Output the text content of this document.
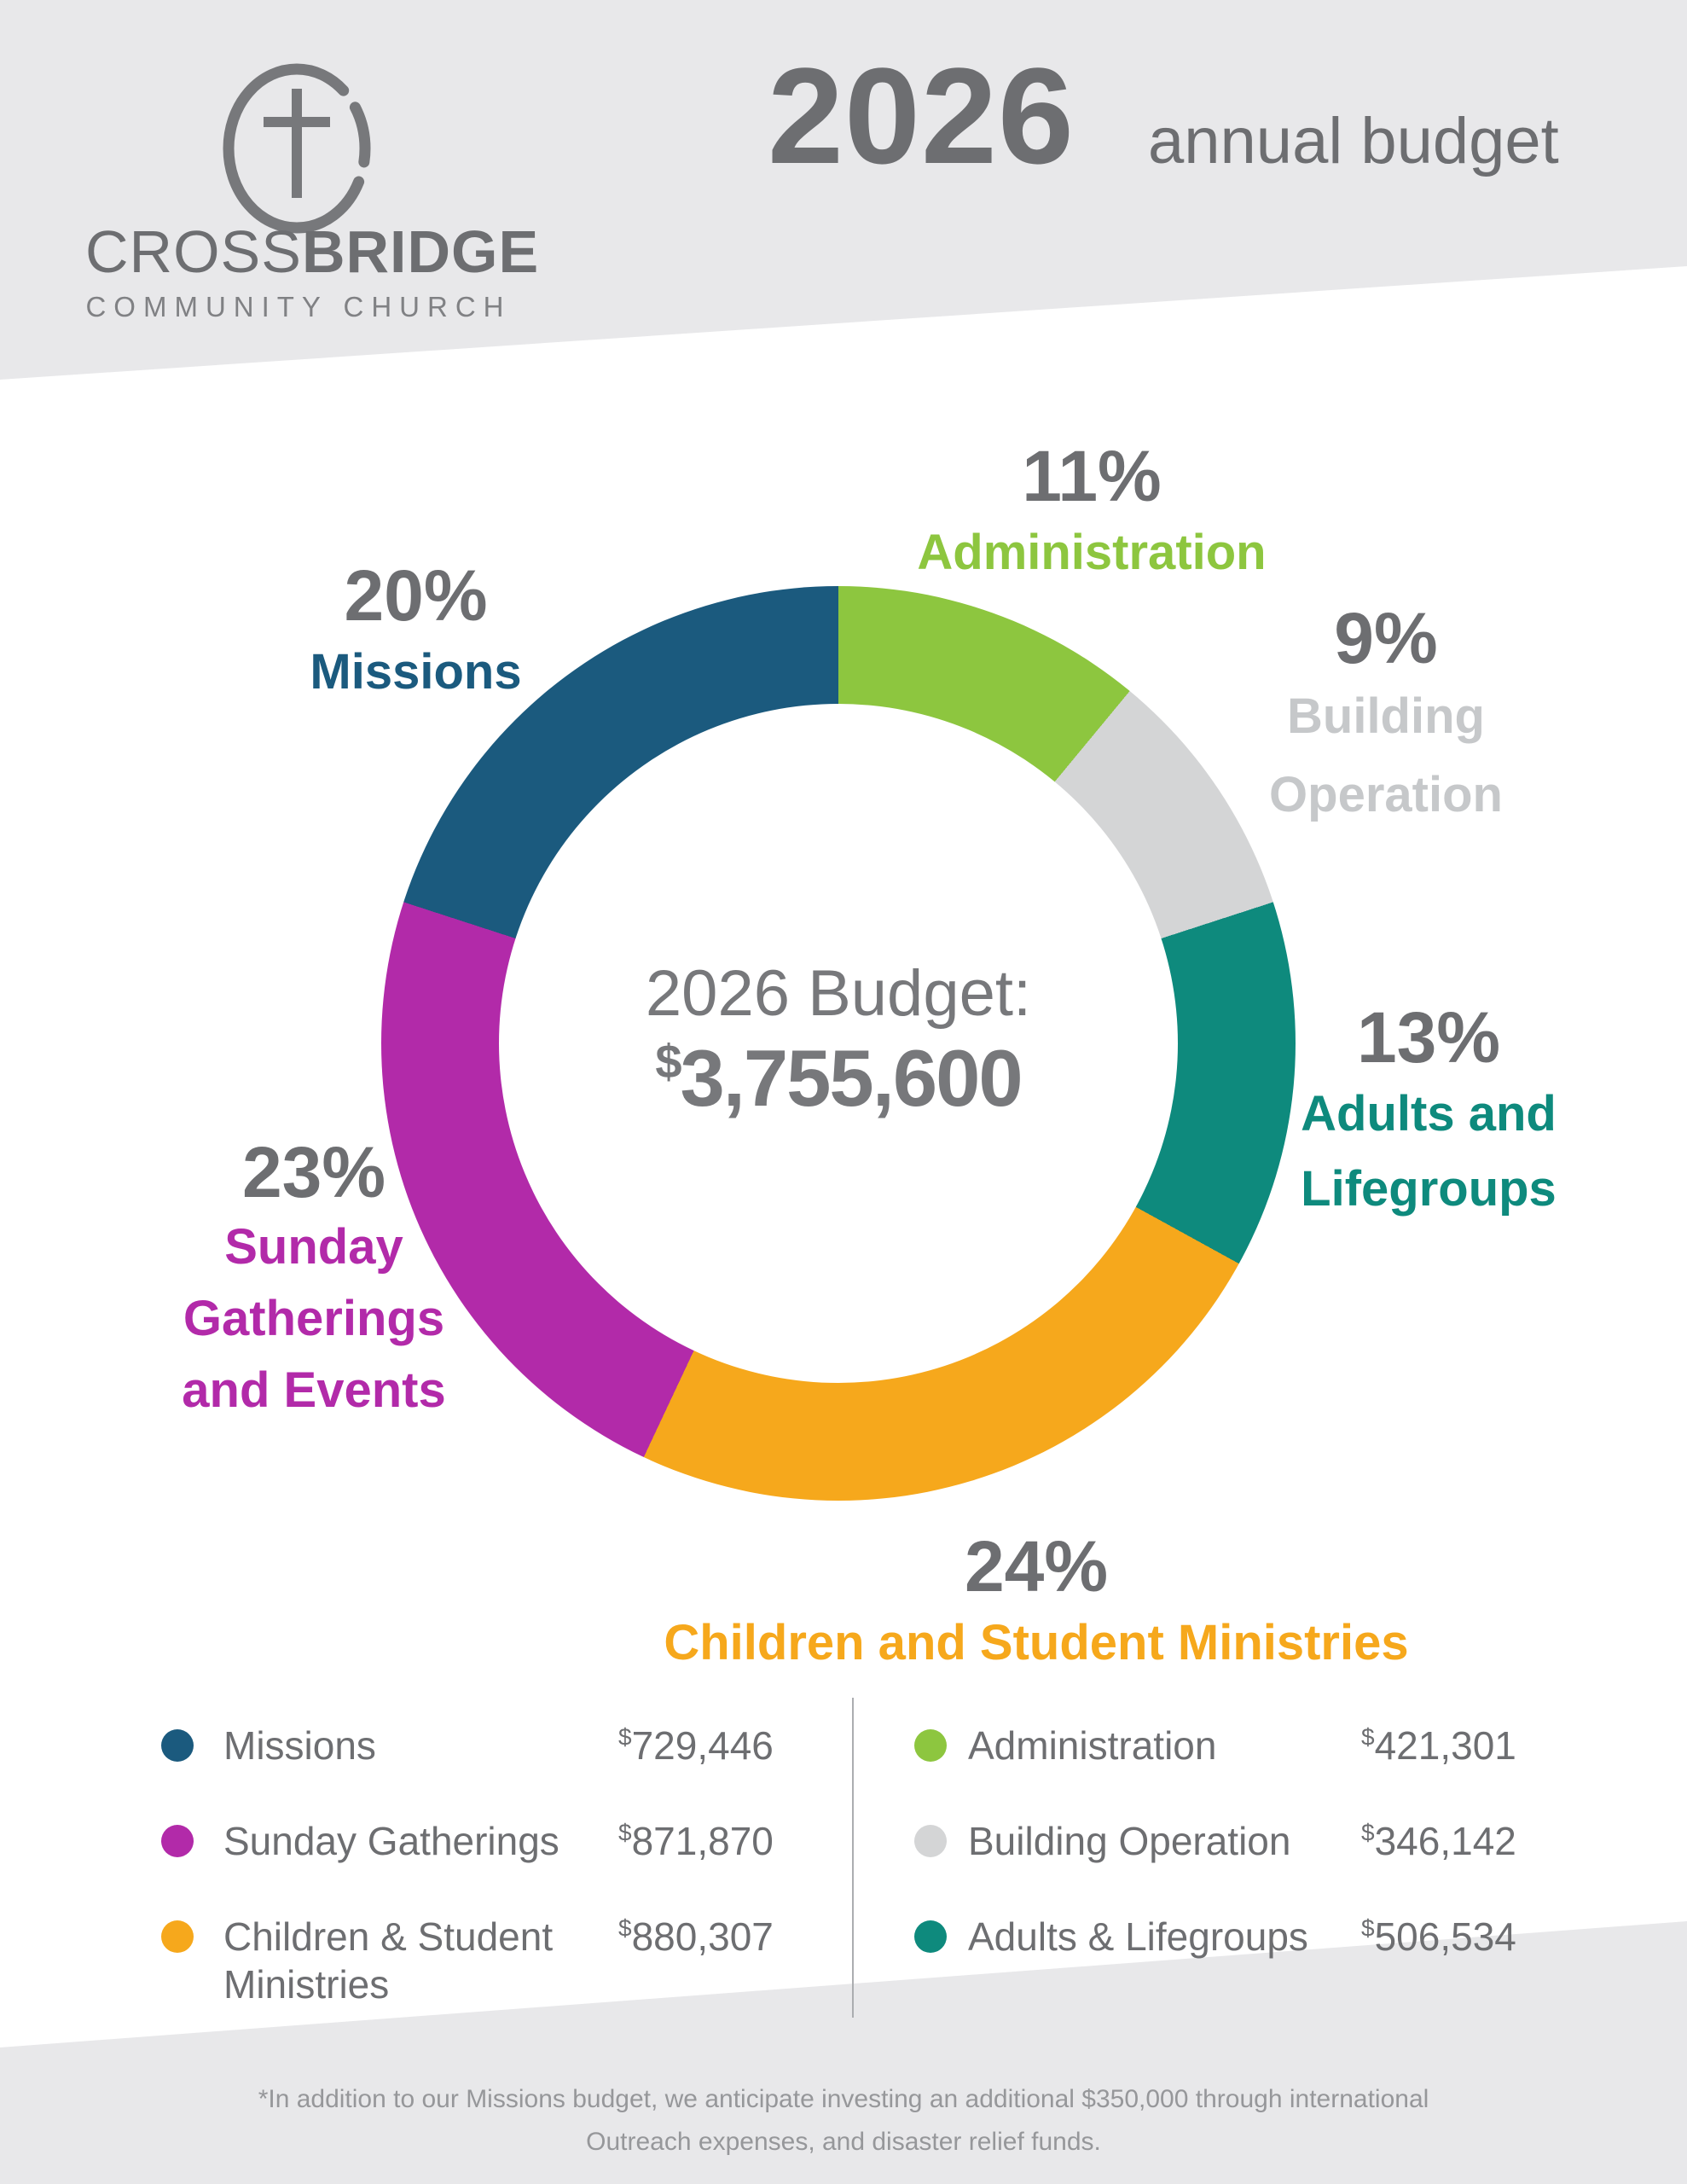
CROSSBRIDGE
COMMUNITY CHURCH
2026 annual budget
2026 Budget:
$3,755,600
11%
Administration
9%
Building
Operation
13%
Adults and
Lifegroups
24%
Children and Student Ministries
23%
Sunday
Gatherings
and Events
20%
Missions
Missions	$729,446
Sunday Gatherings $871,870
Children & Student
Ministries
$880,307
Administration	$421,301
Building Operation	$346,142
Adults & Lifegroups $506,534
*In addition to our Missions budget, we anticipate investing an additional $350,000 through international
Outreach expenses, and disaster relief funds.
